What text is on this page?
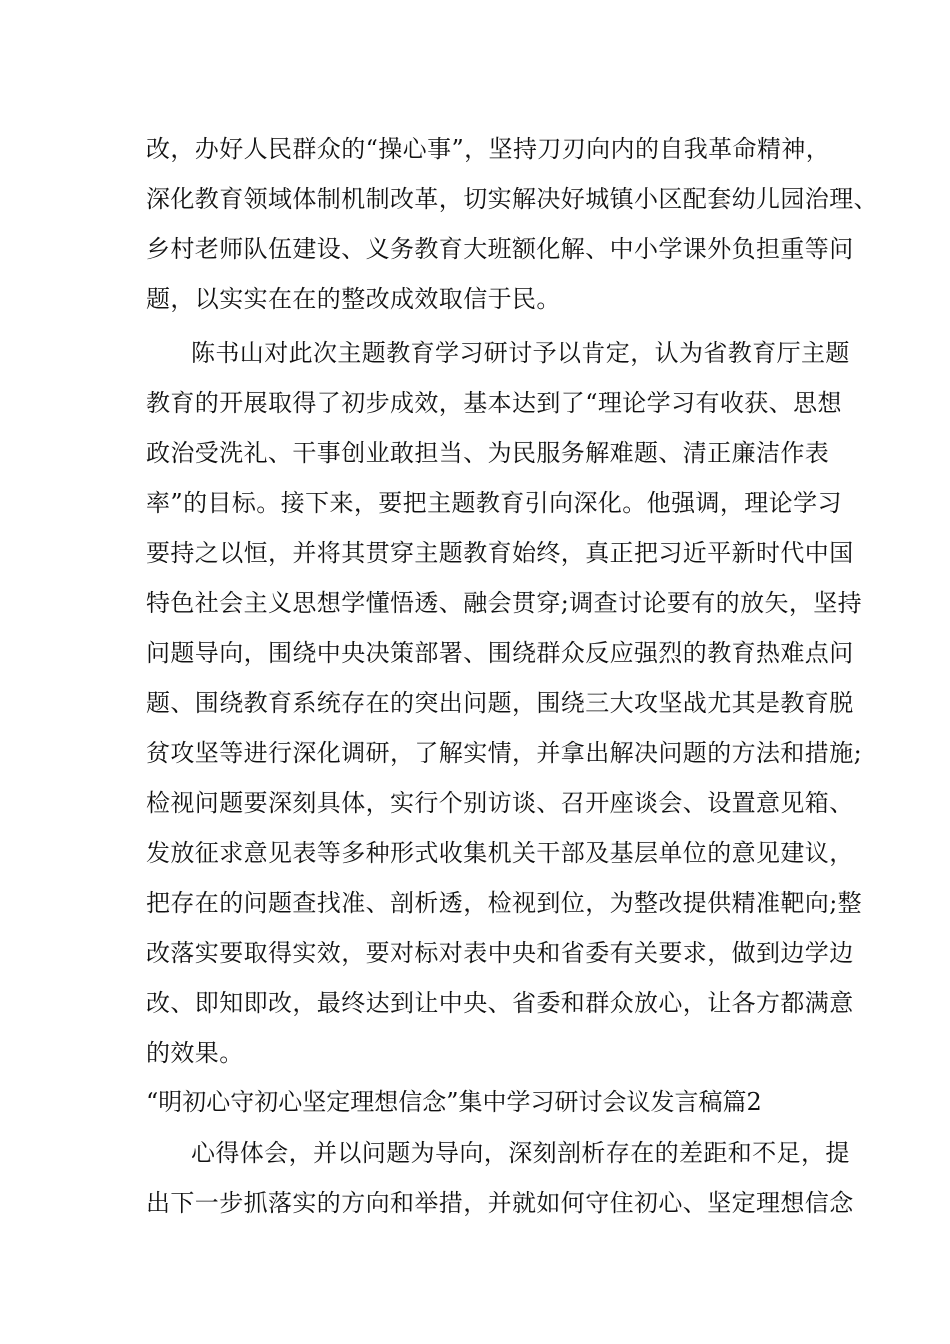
改，办好人民群众的“操心事”，坚持刀刃向内的自我革命精神，
深化教育领域体制机制改革，切实解决好城镇小区配套幼儿园治理、
乡村老师队伍建设、义务教育大班额化解、中小学课外负担重等问
题，以实实在在的整改成效取信于民。
陈书山对此次主题教育学习研讨予以肯定，认为省教育厅主题
教育的开展取得了初步成效，基本达到了“理论学习有收获、思想
政治受洗礼、干事创业敢担当、为民服务解难题、清正廉洁作表
率”的目标。接下来，要把主题教育引向深化。他强调，理论学习
要持之以恒，并将其贯穿主题教育始终，真正把习近平新时代中国
特色社会主义思想学懂悟透、融会贯穿;调查讨论要有的放矢，坚持
问题导向，围绕中央决策部署、围绕群众反应强烈的教育热难点问
题、围绕教育系统存在的突出问题，围绕三大攻坚战尤其是教育脱
贫攻坚等进行深化调研，了解实情，并拿出解决问题的方法和措施;
检视问题要深刻具体，实行个别访谈、召开座谈会、设置意见箱、
发放征求意见表等多种形式收集机关干部及基层单位的意见建议，
把存在的问题查找准、剖析透，检视到位，为整改提供精准靶向;整
改落实要取得实效，要对标对表中央和省委有关要求，做到边学边
改、即知即改，最终达到让中央、省委和群众放心，让各方都满意
的效果。
“明初心守初心坚定理想信念”集中学习研讨会议发言稿篇2
心得体会，并以问题为导向，深刻剖析存在的差距和不足，提
出下一步抓落实的方向和举措，并就如何守住初心、坚定理想信念
